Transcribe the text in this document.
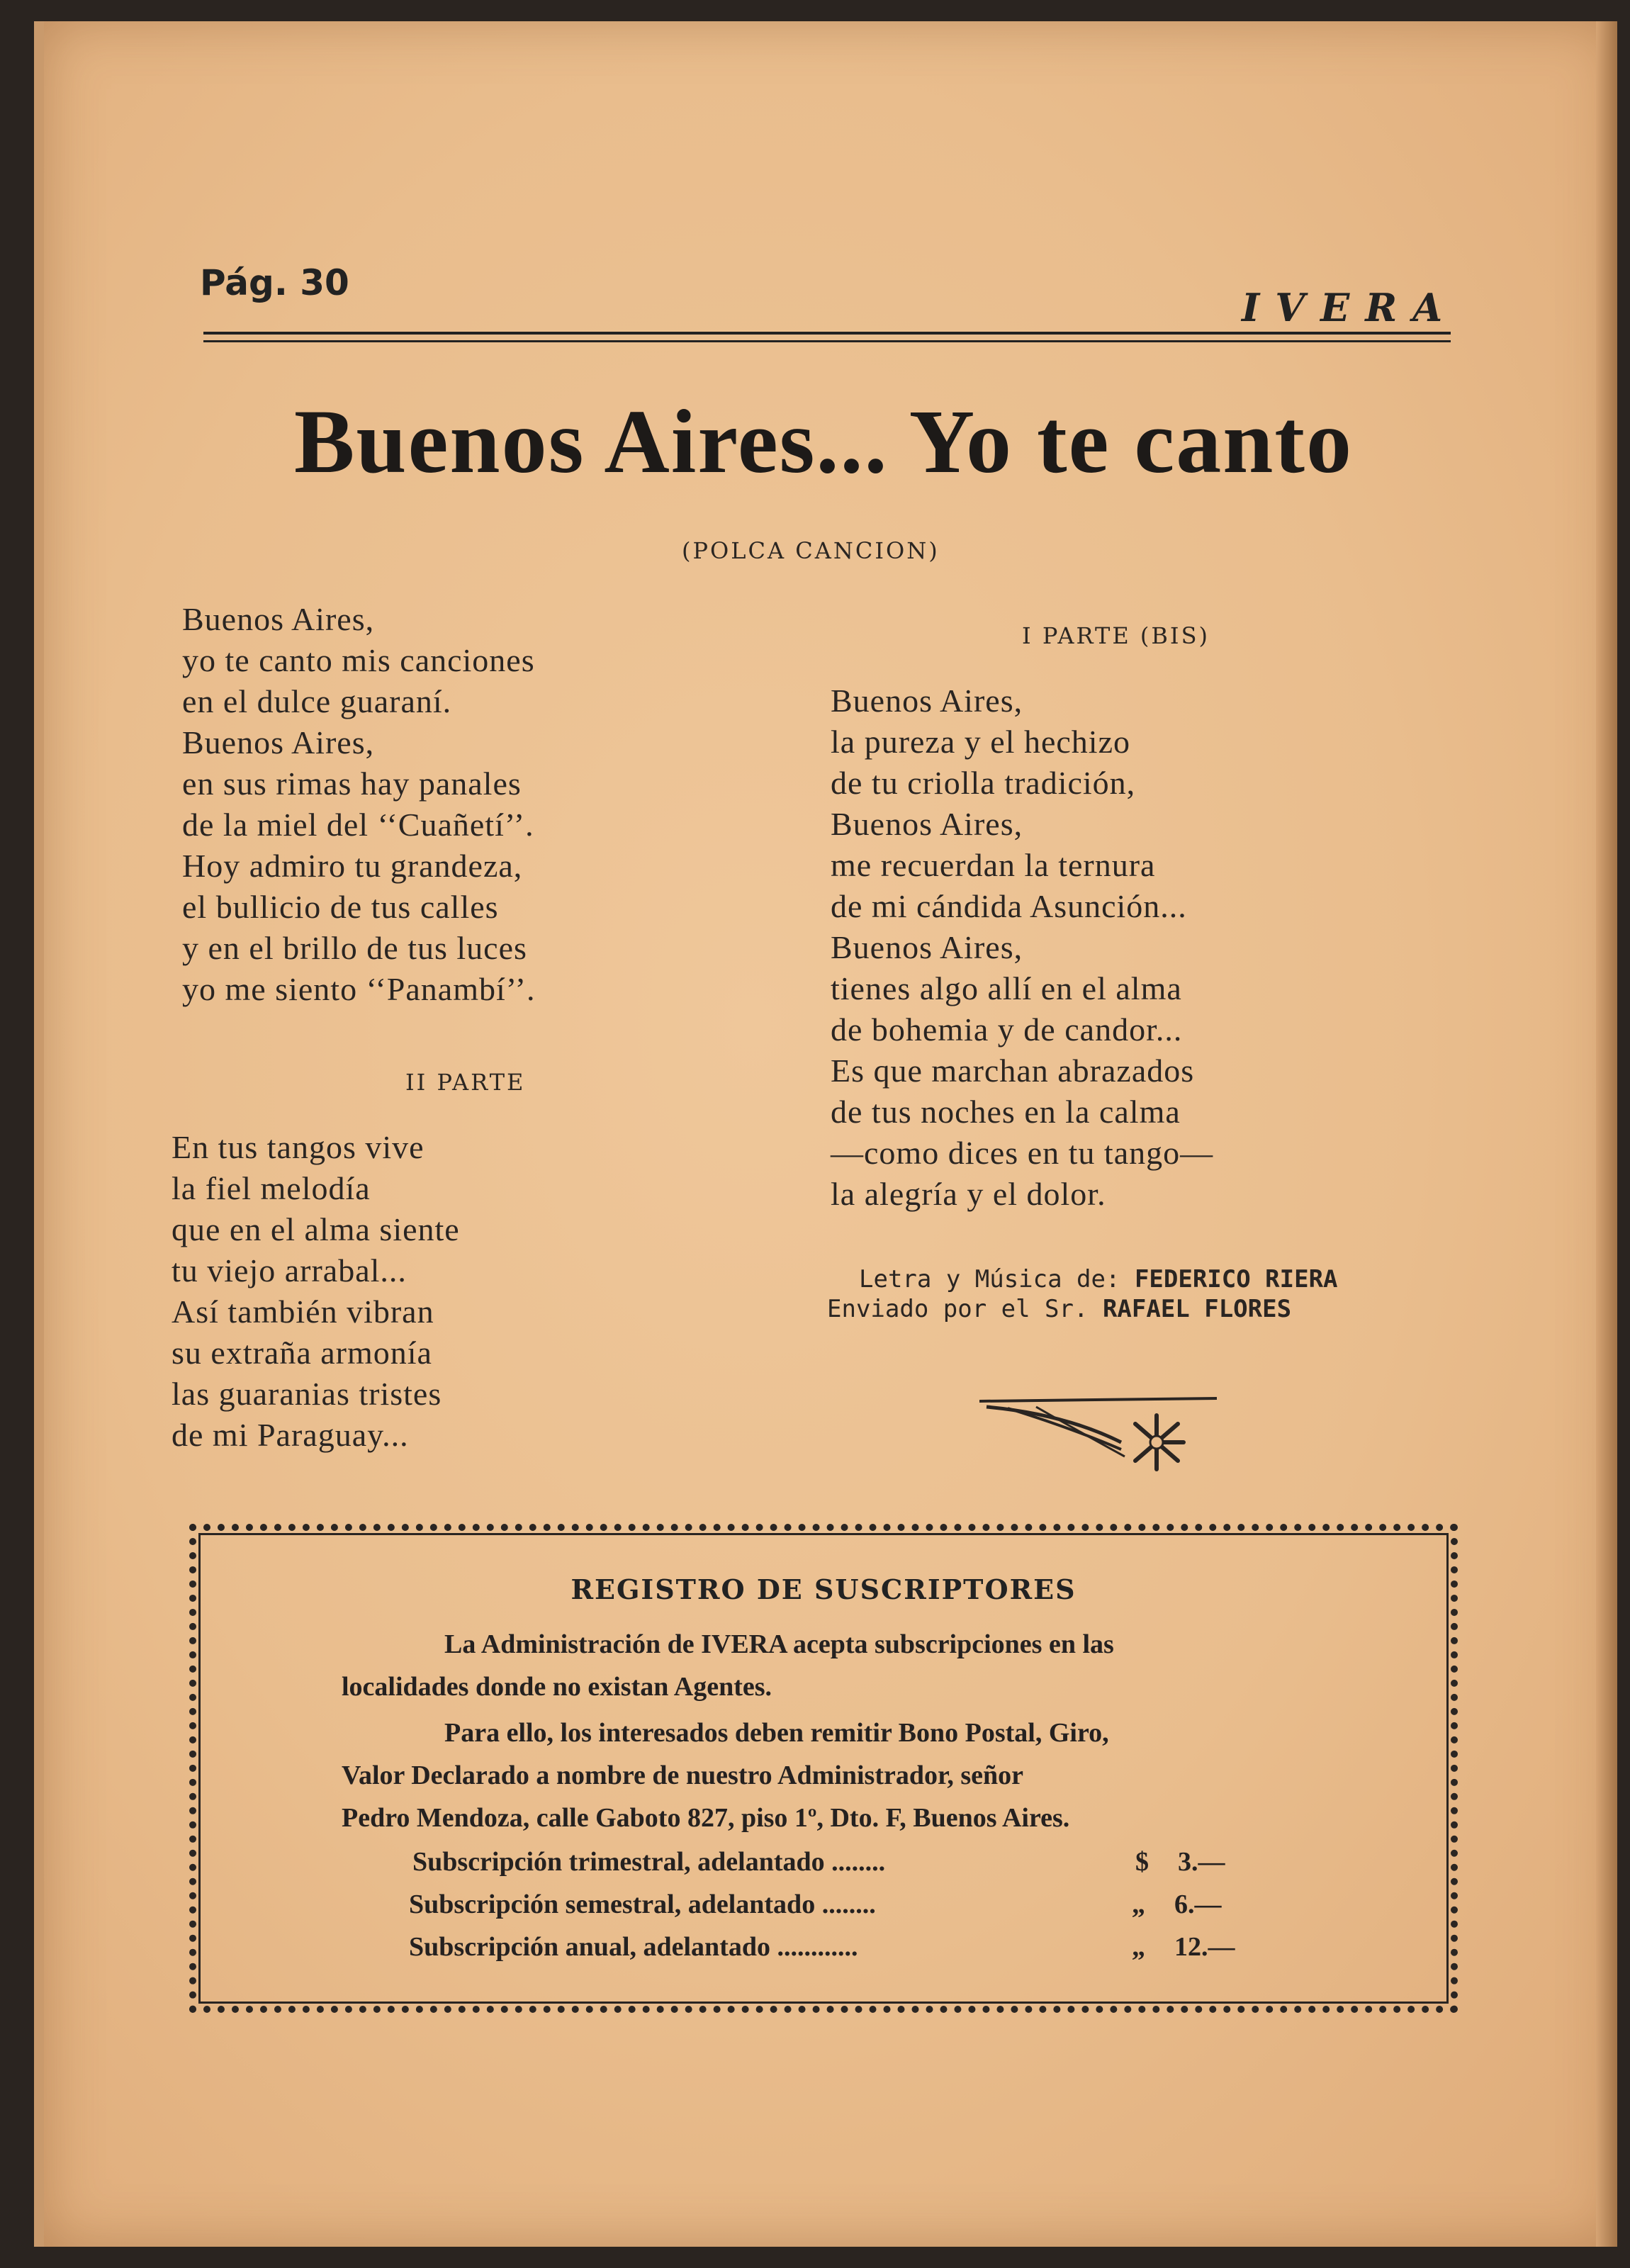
Pág. 30
IVERA
Buenos Aires... Yo te canto
(POLCA CANCION)
Buenos Aires,
yo te canto mis canciones
en el dulce guaraní.
Buenos Aires,
en sus rimas hay panales
de la miel del ‘‘Cuañetí’’.
Hoy admiro tu grandeza,
el bullicio de tus calles
y en el brillo de tus luces
yo me siento ‘‘Panambí’’.
II PARTE
En tus tangos vive
la fiel melodía
que en el alma siente
tu viejo arrabal...
Así también vibran
su extraña armonía
las guaranias tristes
de mi Paraguay...
I PARTE (BIS)
Buenos Aires,
la pureza y el hechizo
de tu criolla tradición,
Buenos Aires,
me recuerdan la ternura
de mi cándida Asunción...
Buenos Aires,
tienes algo allí en el alma
de bohemia y de candor...
Es que marchan abrazados
de tus noches en la calma
—como dices en tu tango—
la alegría y el dolor.
Letra y Música de: FEDERICO RIERA
Enviado por el Sr. RAFAEL FLORES
REGISTRO DE SUSCRIPTORES
La Administración de IVERA acepta subscripciones en las
localidades donde no existan Agentes.
Para ello, los interesados deben remitir Bono Postal, Giro,
Valor Declarado a nombre de nuestro Administrador, señor
Pedro Mendoza, calle Gaboto 827, piso 1º, Dto. F, Buenos Aires.
Subscripción trimestral, adelantado ........	$ 3.—
Subscripción semestral, adelantado ........	„ 6.—
Subscripción anual, adelantado ............	„ 12.—
